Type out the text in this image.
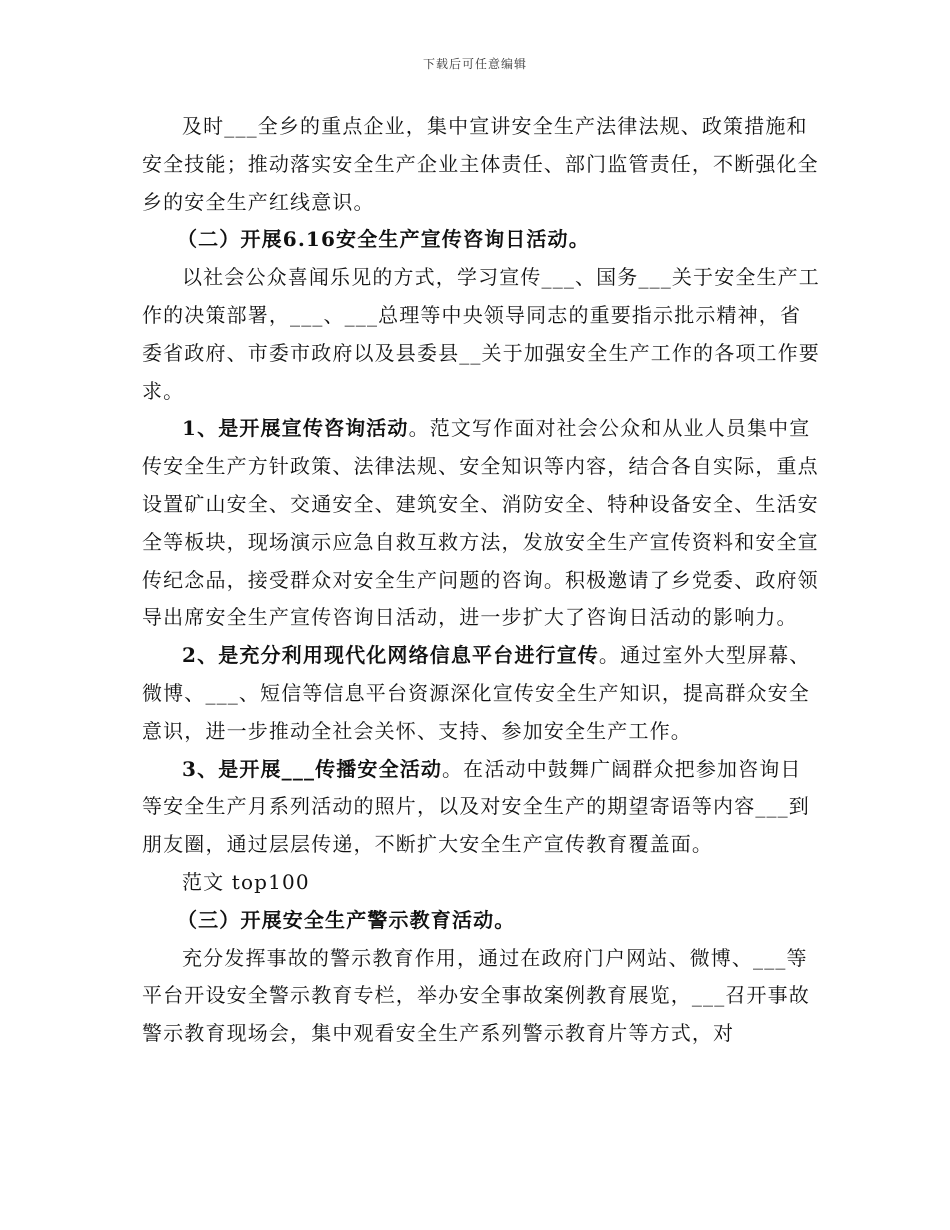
下载后可任意编辑

及时___全乡的重点企业，集中宣讲安全生产法律法规、政策措施和安全技能；推动落实安全生产企业主体责任、部门监管责任，不断强化全乡的安全生产红线意识。

（二）开展6.16安全生产宣传咨询日活动。

以社会公众喜闻乐见的方式，学习宣传___、国务___关于安全生产工作的决策部署，___、___总理等中央领导同志的重要指示批示精神，省委省政府、市委市政府以及县委县__关于加强安全生产工作的各项工作要求。

1、是开展宣传咨询活动。范文写作面对社会公众和从业人员集中宣传安全生产方针政策、法律法规、安全知识等内容，结合各自实际，重点设置矿山安全、交通安全、建筑安全、消防安全、特种设备安全、生活安全等板块，现场演示应急自救互救方法，发放安全生产宣传资料和安全宣传纪念品，接受群众对安全生产问题的咨询。积极邀请了乡党委、政府领导出席安全生产宣传咨询日活动，进一步扩大了咨询日活动的影响力。

2、是充分利用现代化网络信息平台进行宣传。通过室外大型屏幕、微博、___、短信等信息平台资源深化宣传安全生产知识，提高群众安全意识，进一步推动全社会关怀、支持、参加安全生产工作。

3、是开展___传播安全活动。在活动中鼓舞广阔群众把参加咨询日等安全生产月系列活动的照片，以及对安全生产的期望寄语等内容___到朋友圈，通过层层传递，不断扩大安全生产宣传教育覆盖面。

范文 top100

（三）开展安全生产警示教育活动。

充分发挥事故的警示教育作用，通过在政府门户网站、微博、___等平台开设安全警示教育专栏，举办安全事故案例教育展览，___召开事故警示教育现场会，集中观看安全生产系列警示教育片等方式，对
